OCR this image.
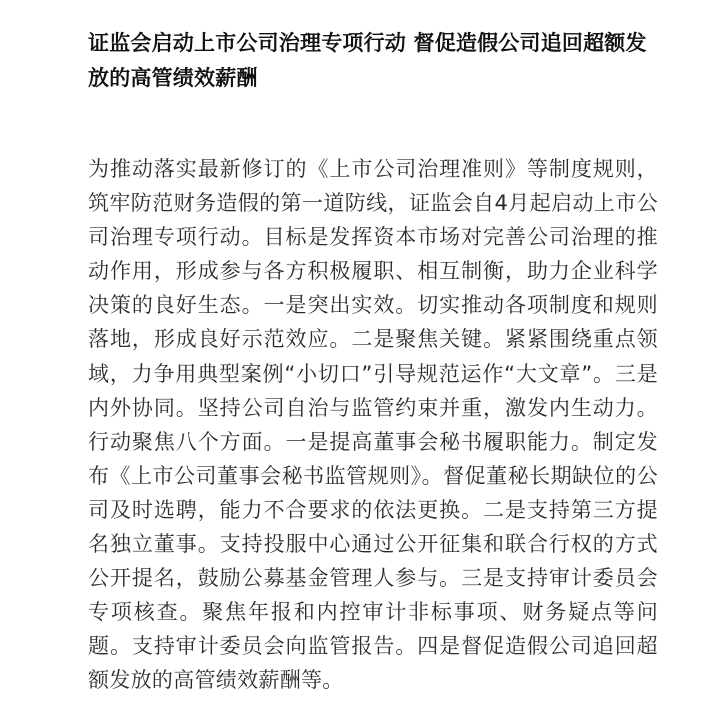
证监会启动上市公司治理专项行动 督促造假公司追回超额发放的高管绩效薪酬

为推动落实最新修订的《上市公司治理准则》等制度规则，筑牢防范财务造假的第一道防线，证监会自4月起启动上市公司治理专项行动。目标是发挥资本市场对完善公司治理的推动作用，形成参与各方积极履职、相互制衡，助力企业科学决策的良好生态。一是突出实效。切实推动各项制度和规则落地，形成良好示范效应。二是聚焦关键。紧紧围绕重点领域，力争用典型案例“小切口”引导规范运作“大文章”。三是内外协同。坚持公司自治与监管约束并重，激发内生动力。行动聚焦八个方面。一是提高董事会秘书履职能力。制定发布《上市公司董事会秘书监管规则》。督促董秘长期缺位的公司及时选聘，能力不合要求的依法更换。二是支持第三方提名独立董事。支持投服中心通过公开征集和联合行权的方式公开提名，鼓励公募基金管理人参与。三是支持审计委员会专项核查。聚焦年报和内控审计非标事项、财务疑点等问题。支持审计委员会向监管报告。四是督促造假公司追回超额发放的高管绩效薪酬等。
